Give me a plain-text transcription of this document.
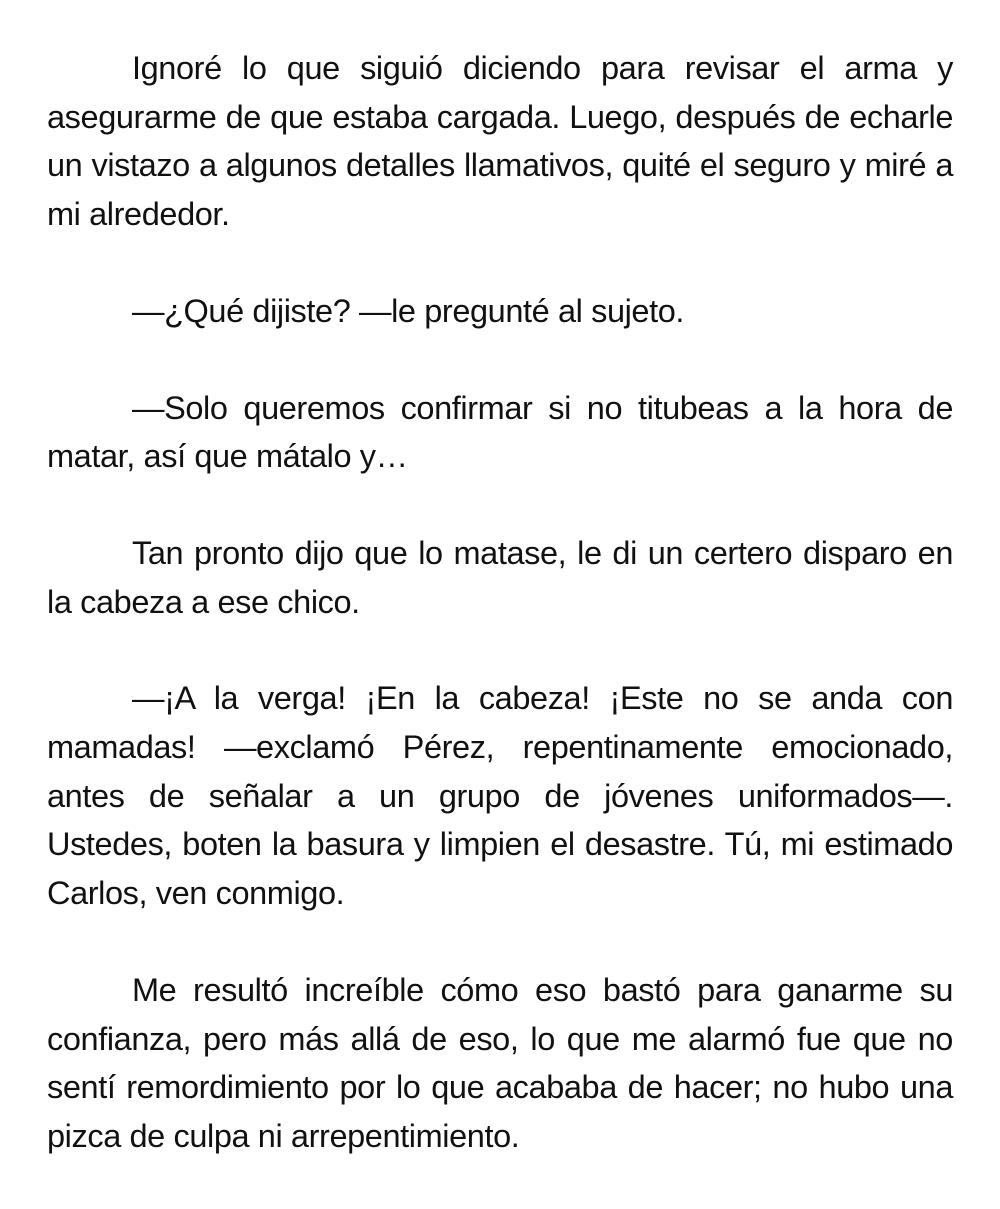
Ignoré lo que siguió diciendo para revisar el arma y asegurarme de que estaba cargada. Luego, después de echarle un vistazo a algunos detalles llamativos, quité el seguro y miré a mi alrededor.

—¿Qué dijiste? —le pregunté al sujeto.

—Solo queremos confirmar si no titubeas a la hora de matar, así que mátalo y…

Tan pronto dijo que lo matase, le di un certero disparo en la cabeza a ese chico.

—¡A la verga! ¡En la cabeza! ¡Este no se anda con mamadas! —exclamó Pérez, repentinamente emocionado, antes de señalar a un grupo de jóvenes uniformados—. Ustedes, boten la basura y limpien el desastre. Tú, mi estimado Carlos, ven conmigo.

Me resultó increíble cómo eso bastó para ganarme su confianza, pero más allá de eso, lo que me alarmó fue que no sentí remordimiento por lo que acababa de hacer; no hubo una pizca de culpa ni arrepentimiento.
